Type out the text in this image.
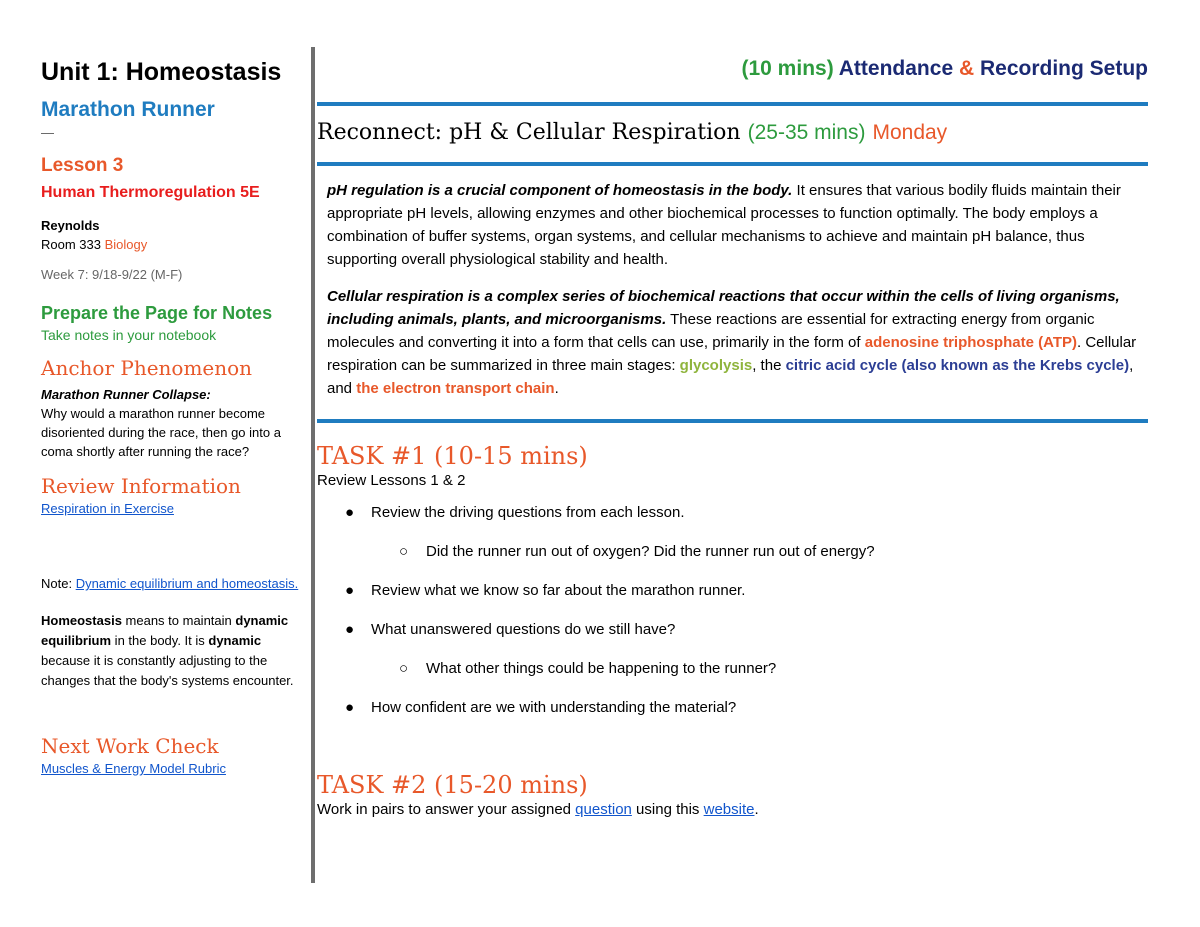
Unit 1: Homeostasis
Marathon Runner
—
Lesson 3
Human Thermoregulation 5E
Reynolds
Room 333 Biology
Week 7: 9/18-9/22 (M-F)
Prepare the Page for Notes
Take notes in your notebook
Anchor Phenomenon
Marathon Runner Collapse:
Why would a marathon runner become disoriented during the race, then go into a coma shortly after running the race?
Review Information
Respiration in Exercise
Note: Dynamic equilibrium and homeostasis.
Homeostasis means to maintain dynamic equilibrium in the body. It is dynamic because it is constantly adjusting to the changes that the body's systems encounter.
Next Work Check
Muscles & Energy Model Rubric
(10 mins) Attendance & Recording Setup
Reconnect: pH & Cellular Respiration (25-35 mins) Monday
pH regulation is a crucial component of homeostasis in the body. It ensures that various bodily fluids maintain their appropriate pH levels, allowing enzymes and other biochemical processes to function optimally. The body employs a combination of buffer systems, organ systems, and cellular mechanisms to achieve and maintain pH balance, thus supporting overall physiological stability and health.
Cellular respiration is a complex series of biochemical reactions that occur within the cells of living organisms, including animals, plants, and microorganisms. These reactions are essential for extracting energy from organic molecules and converting it into a form that cells can use, primarily in the form of adenosine triphosphate (ATP). Cellular respiration can be summarized in three main stages: glycolysis, the citric acid cycle (also known as the Krebs cycle), and the electron transport chain.
TASK #1 (10-15 mins)
Review Lessons 1 & 2
● Review the driving questions from each lesson.
○ Did the runner run out of oxygen? Did the runner run out of energy?
● Review what we know so far about the marathon runner.
● What unanswered questions do we still have?
○ What other things could be happening to the runner?
● How confident are we with understanding the material?
TASK #2 (15-20 mins)
Work in pairs to answer your assigned question using this website.
